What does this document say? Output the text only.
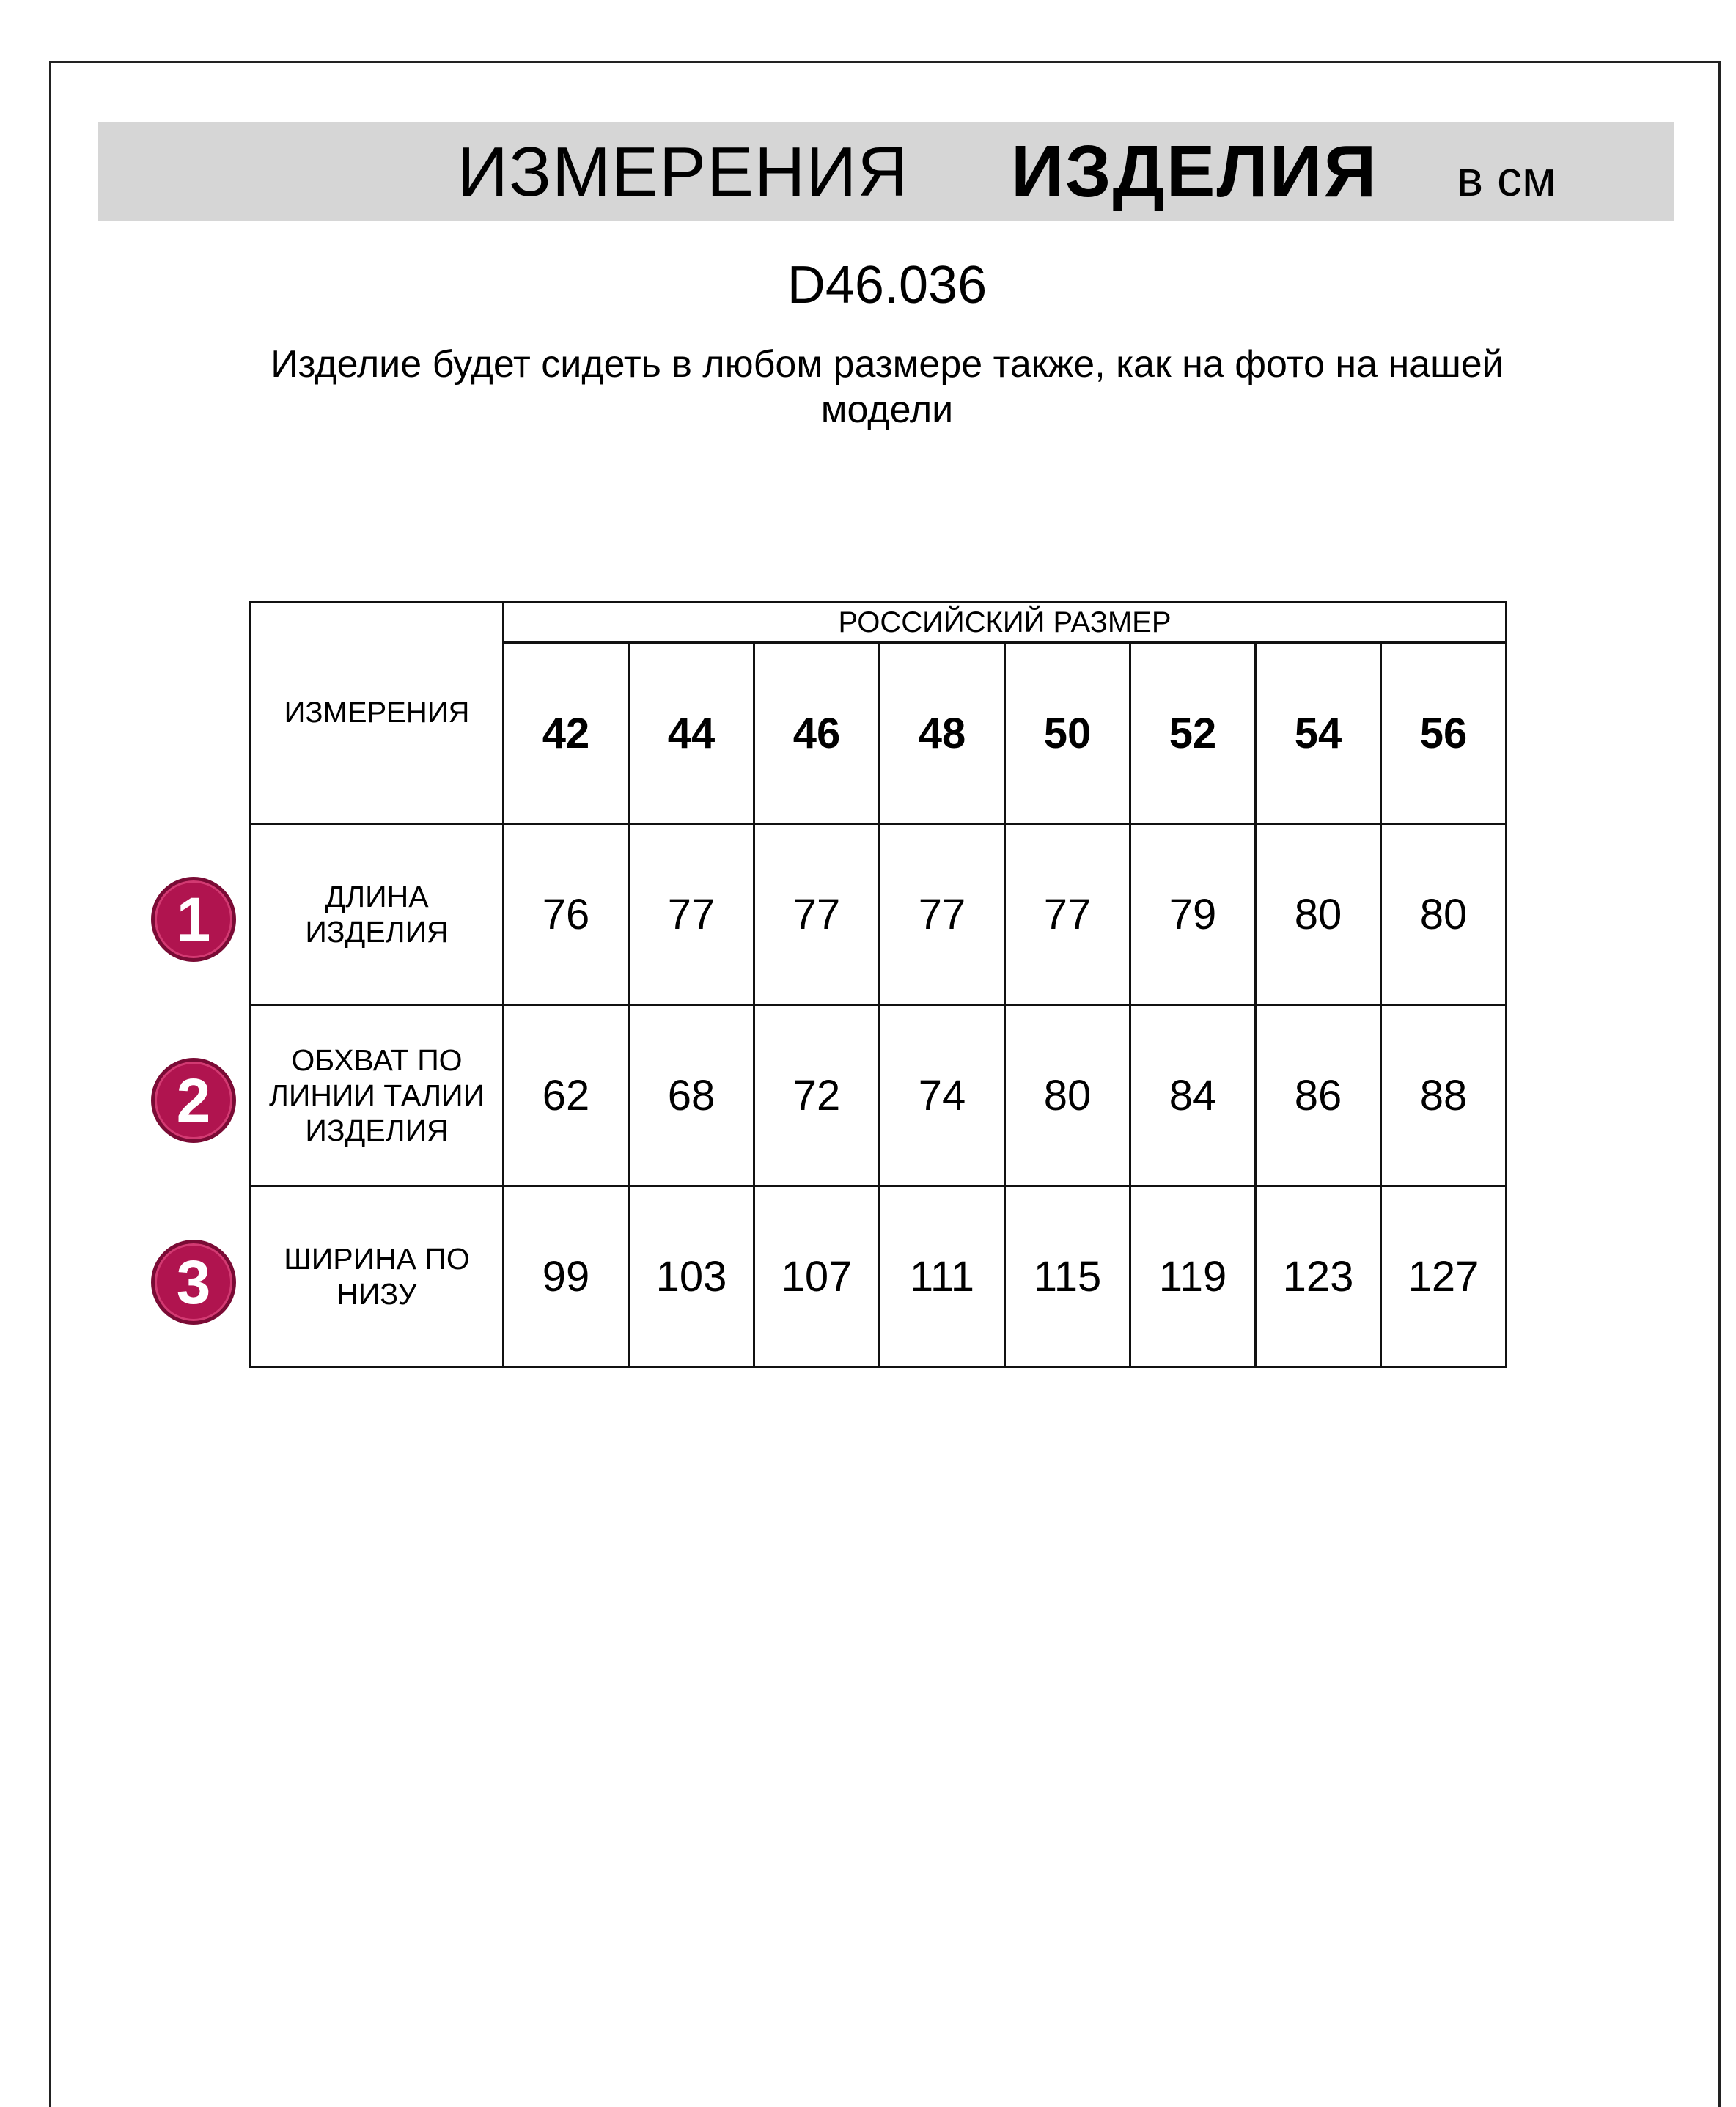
ИЗМЕРЕНИЯ ИЗДЕЛИЯ в см
D46.036
Изделие будет сидеть в любом размере также, как на фото на нашей модели
1
2
3
ИЗМЕРЕНИЯ	РОССИЙСКИЙ РАЗМЕР							
	42	44	46	48	50	52	54	56
ДЛИНА ИЗДЕЛИЯ	76	77	77	77	77	79	80	80
ОБХВАТ ПО ЛИНИИ ТАЛИИ ИЗДЕЛИЯ	62	68	72	74	80	84	86	88
ШИРИНА ПО НИЗУ	99	103	107	111	115	119	123	127
